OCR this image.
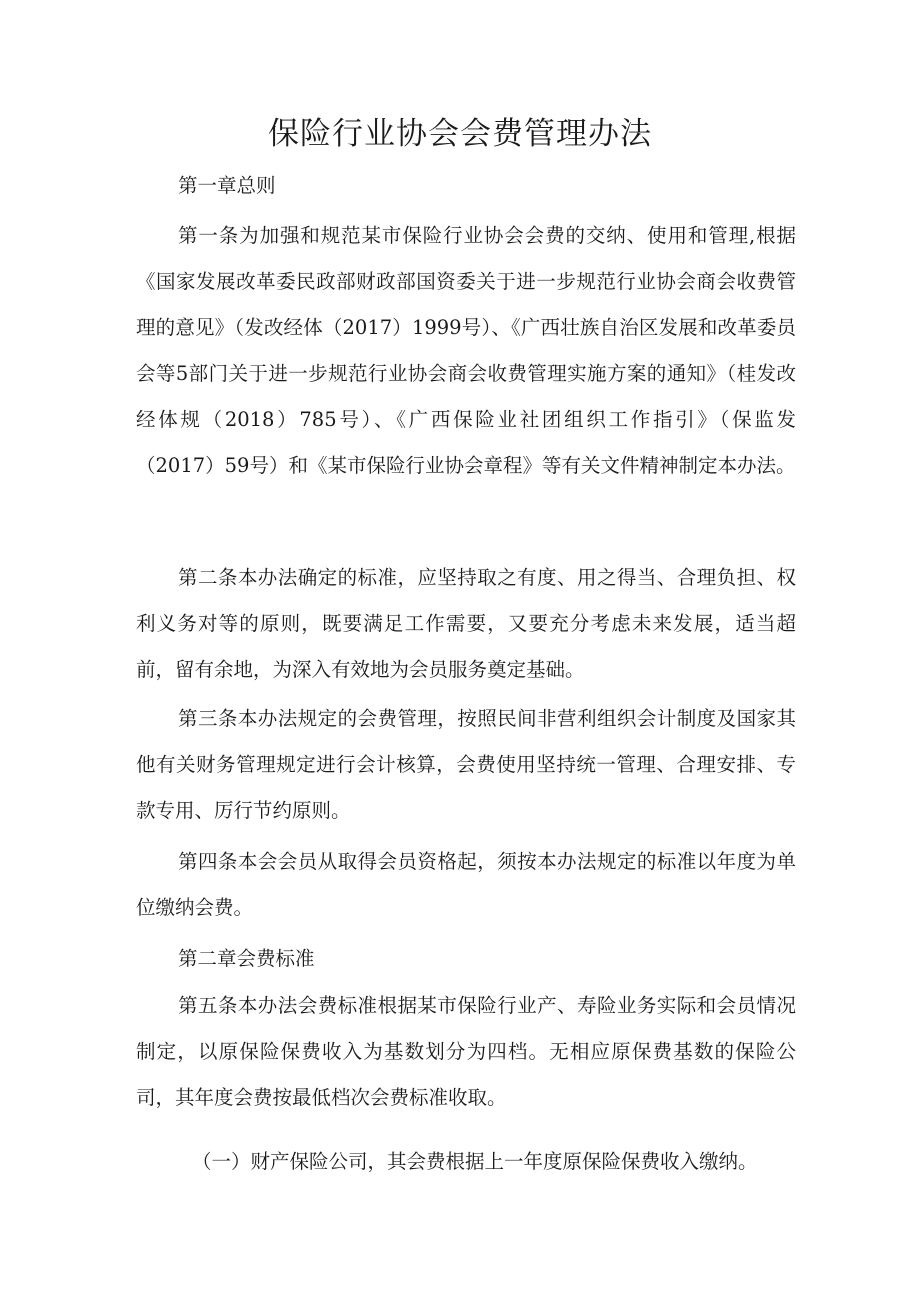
保险行业协会会费管理办法

第一章总则

第一条为加强和规范某市保险行业协会会费的交纳、使用和管理,根据《国家发展改革委民政部财政部国资委关于进一步规范行业协会商会收费管理的意见》（发改经体（2017）1999号）、《广西壮族自治区发展和改革委员会等5部门关于进一步规范行业协会商会收费管理实施方案的通知》（桂发改经体规（2018）785号）、《广西保险业社团组织工作指引》（保监发（2017）59号）和《某市保险行业协会章程》等有关文件精神制定本办法。

第二条本办法确定的标准，应坚持取之有度、用之得当、合理负担、权利义务对等的原则，既要满足工作需要，又要充分考虑未来发展，适当超前，留有余地，为深入有效地为会员服务奠定基础。

第三条本办法规定的会费管理，按照民间非营利组织会计制度及国家其他有关财务管理规定进行会计核算，会费使用坚持统一管理、合理安排、专款专用、厉行节约原则。

第四条本会会员从取得会员资格起，须按本办法规定的标准以年度为单位缴纳会费。

第二章会费标准

第五条本办法会费标准根据某市保险行业产、寿险业务实际和会员情况制定，以原保险保费收入为基数划分为四档。无相应原保费基数的保险公司，其年度会费按最低档次会费标准收取。

（一）财产保险公司，其会费根据上一年度原保险保费收入缴纳。
